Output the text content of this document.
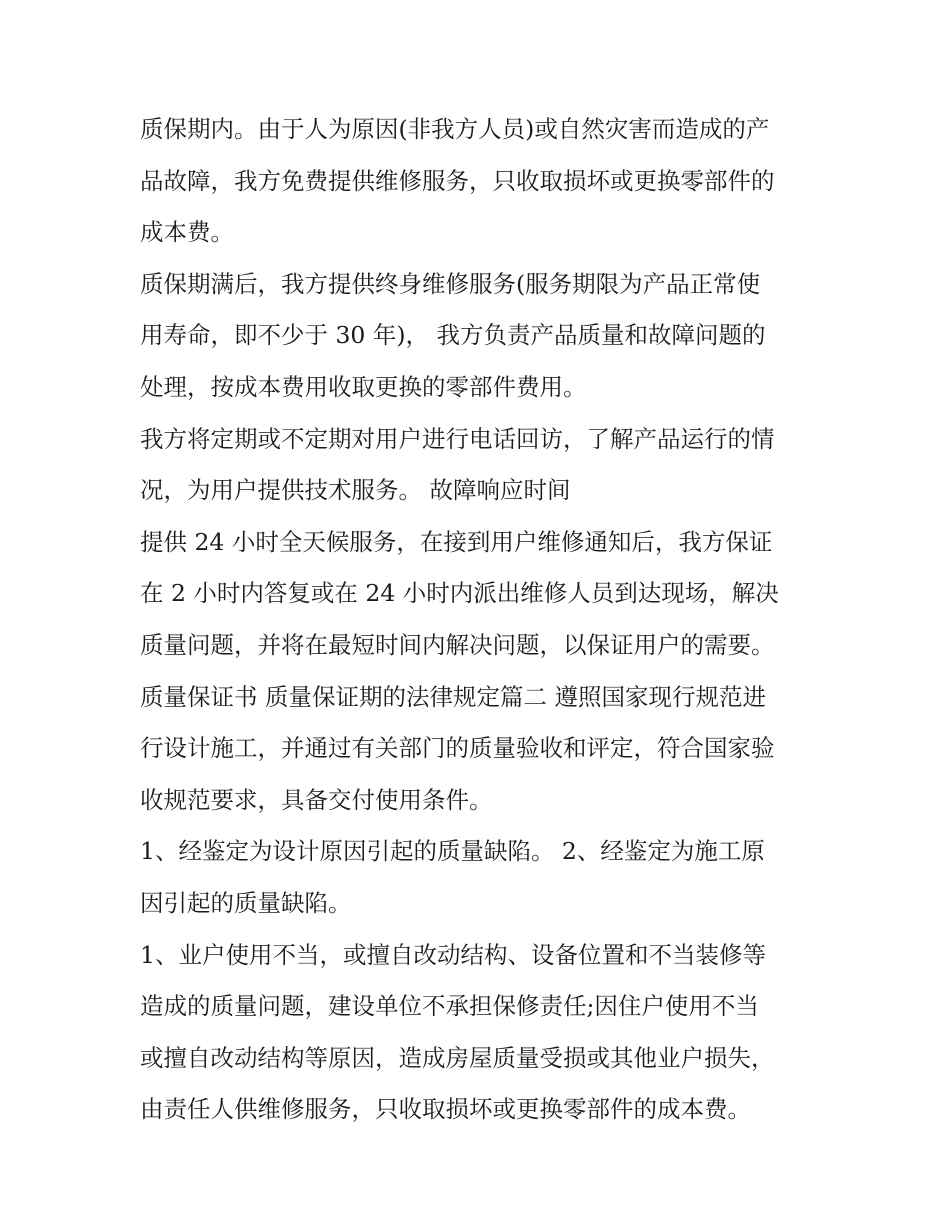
质保期内。由于人为原因(非我方人员)或自然灾害而造成的产
品故障，我方免费提供维修服务，只收取损坏或更换零部件的
成本费。
质保期满后，我方提供终身维修服务(服务期限为产品正常使
用寿命，即不少于 30 年)， 我方负责产品质量和故障问题的
处理，按成本费用收取更换的零部件费用。
我方将定期或不定期对用户进行电话回访，了解产品运行的情
况，为用户提供技术服务。 故障响应时间
提供 24 小时全天候服务，在接到用户维修通知后，我方保证
在 2 小时内答复或在 24 小时内派出维修人员到达现场，解决
质量问题，并将在最短时间内解决问题，以保证用户的需要。
质量保证书 质量保证期的法律规定篇二 遵照国家现行规范进
行设计施工，并通过有关部门的质量验收和评定，符合国家验
收规范要求，具备交付使用条件。
1、经鉴定为设计原因引起的质量缺陷。 2、经鉴定为施工原
因引起的质量缺陷。
1、业户使用不当，或擅自改动结构、设备位置和不当装修等
造成的质量问题，建设单位不承担保修责任;因住户使用不当
或擅自改动结构等原因，造成房屋质量受损或其他业户损失，
由责任人供维修服务，只收取损坏或更换零部件的成本费。
